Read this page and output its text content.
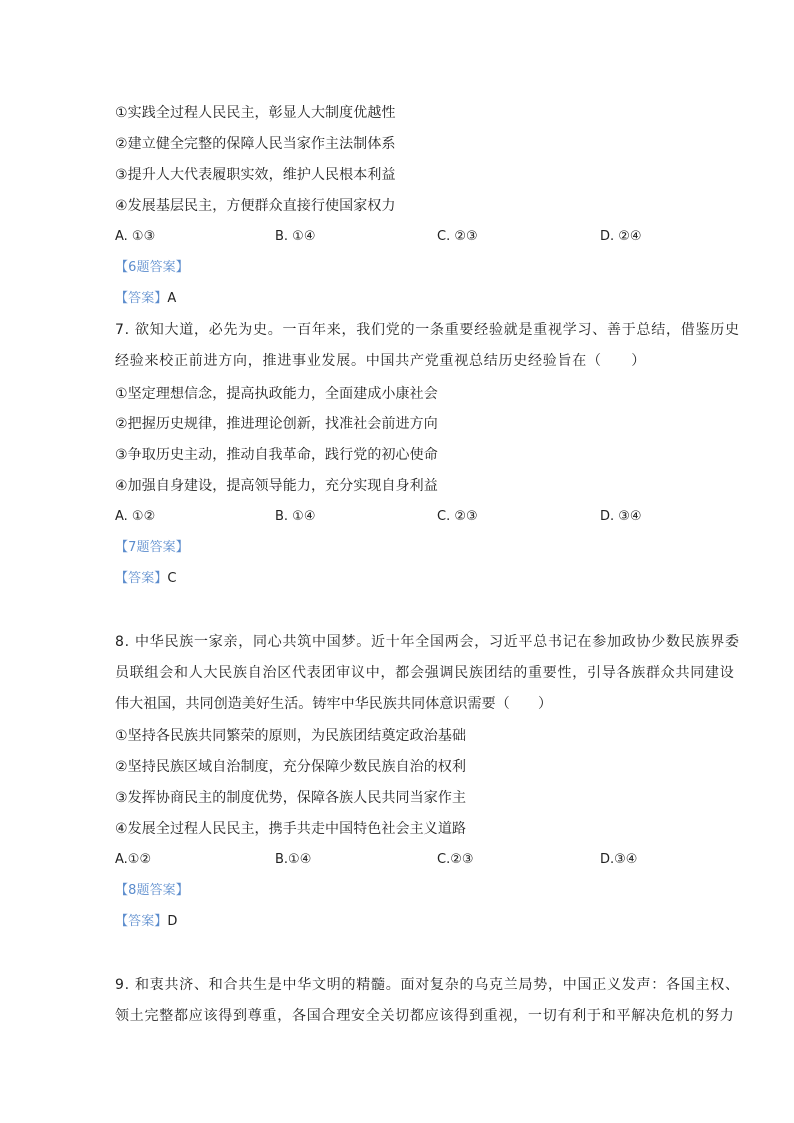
①实践全过程人民民主，彰显人大制度优越性
②建立健全完整的保障人民当家作主法制体系
③提升人大代表履职实效，维护人民根本利益
④发展基层民主，方便群众直接行使国家权力
A. ①③	B. ①④	C. ②③	D. ②④
【6题答案】
【答案】A
7. 欲知大道，必先为史。一百年来，我们党的一条重要经验就是重视学习、善于总结，借鉴历史
经验来校正前进方向，推进事业发展。中国共产党重视总结历史经验旨在（　　）
①坚定理想信念，提高执政能力，全面建成小康社会
②把握历史规律，推进理论创新，找准社会前进方向
③争取历史主动，推动自我革命，践行党的初心使命
④加强自身建设，提高领导能力，充分实现自身利益
A. ①②	B. ①④	C. ②③	D. ③④
【7题答案】
【答案】C
8. 中华民族一家亲，同心共筑中国梦。近十年全国两会，习近平总书记在参加政协少数民族界委
员联组会和人大民族自治区代表团审议中，都会强调民族团结的重要性，引导各族群众共同建设
伟大祖国，共同创造美好生活。铸牢中华民族共同体意识需要（　　）
①坚持各民族共同繁荣的原则，为民族团结奠定政治基础
②坚持民族区域自治制度，充分保障少数民族自治的权利
③发挥协商民主的制度优势，保障各族人民共同当家作主
④发展全过程人民民主，携手共走中国特色社会主义道路
A.①②	B.①④	C.②③	D.③④
【8题答案】
【答案】D
9. 和衷共济、和合共生是中华文明的精髓。面对复杂的乌克兰局势，中国正义发声：各国主权、
领土完整都应该得到尊重，各国合理安全关切都应该得到重视，一切有利于和平解决危机的努力
